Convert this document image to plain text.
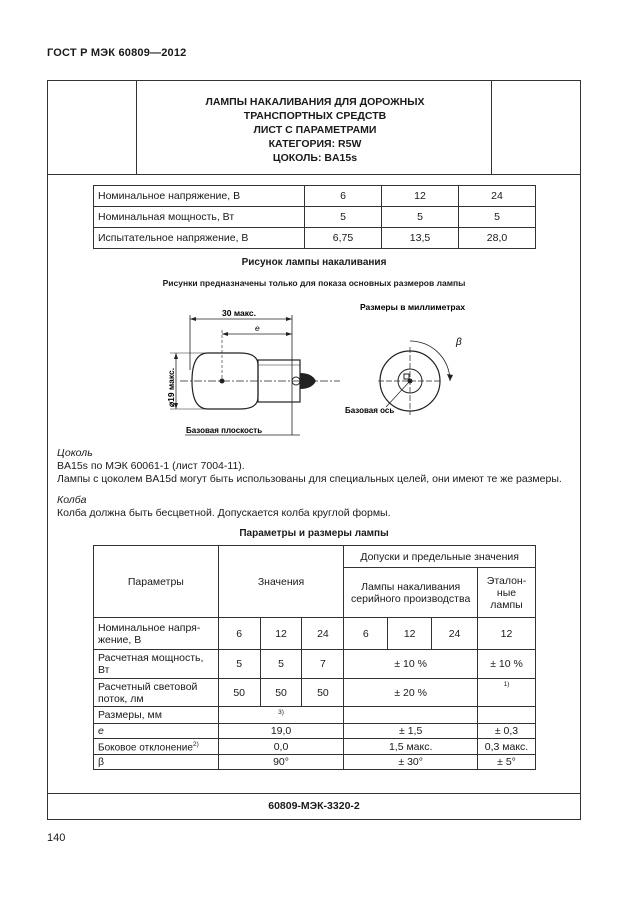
ГОСТ Р МЭК 60809—2012
ЛАМПЫ НАКАЛИВАНИЯ ДЛЯ ДОРОЖНЫХ
ТРАНСПОРТНЫХ СРЕДСТВ
ЛИСТ С ПАРАМЕТРАМИ
КАТЕГОРИЯ: R5W
ЦОКОЛЬ: BA15s
Номинальное напряжение, В	6	12	24
Номинальная мощность, Вт	5	5	5
Испытательное напряжение, В	6,75	13,5	28,0
Рисунок лампы накаливания
Рисунки предназначены только для показа основных размеров лампы
Размеры в миллиметрах
30 макс.
e
⌀19 макс.
Базовая плоскость
β
Базовая ось
Цоколь
BA15s по МЭК 60061-1 (лист 7004-11).
Лампы с цоколем BA15d могут быть использованы для специальных целей, они имеют те же размеры.
Колба
Колба должна быть бесцветной. Допускается колба круглой формы.
Параметры и размеры лампы
Параметры	Значения			Допуски и предельные значения			
				Лампы накаливания серийного производства			Эталон-ные лампы
Номинальное напря-жение, В	6	12	24	6	12	24	12
Расчетная мощность, Вт	5	5	7	± 10 %			± 10 %
Расчетный световой поток, лм	50	50	50	± 20 %			$^{1)}$
Размеры, мм	$^{3)}$		
e	19,0			± 1,5			± 0,3
Боковое отклонение$^{2)}$	0,0			1,5 макс.			0,3 макс.
β	90°			± 30°			± 5°
60809-МЭК-3320-2
140
